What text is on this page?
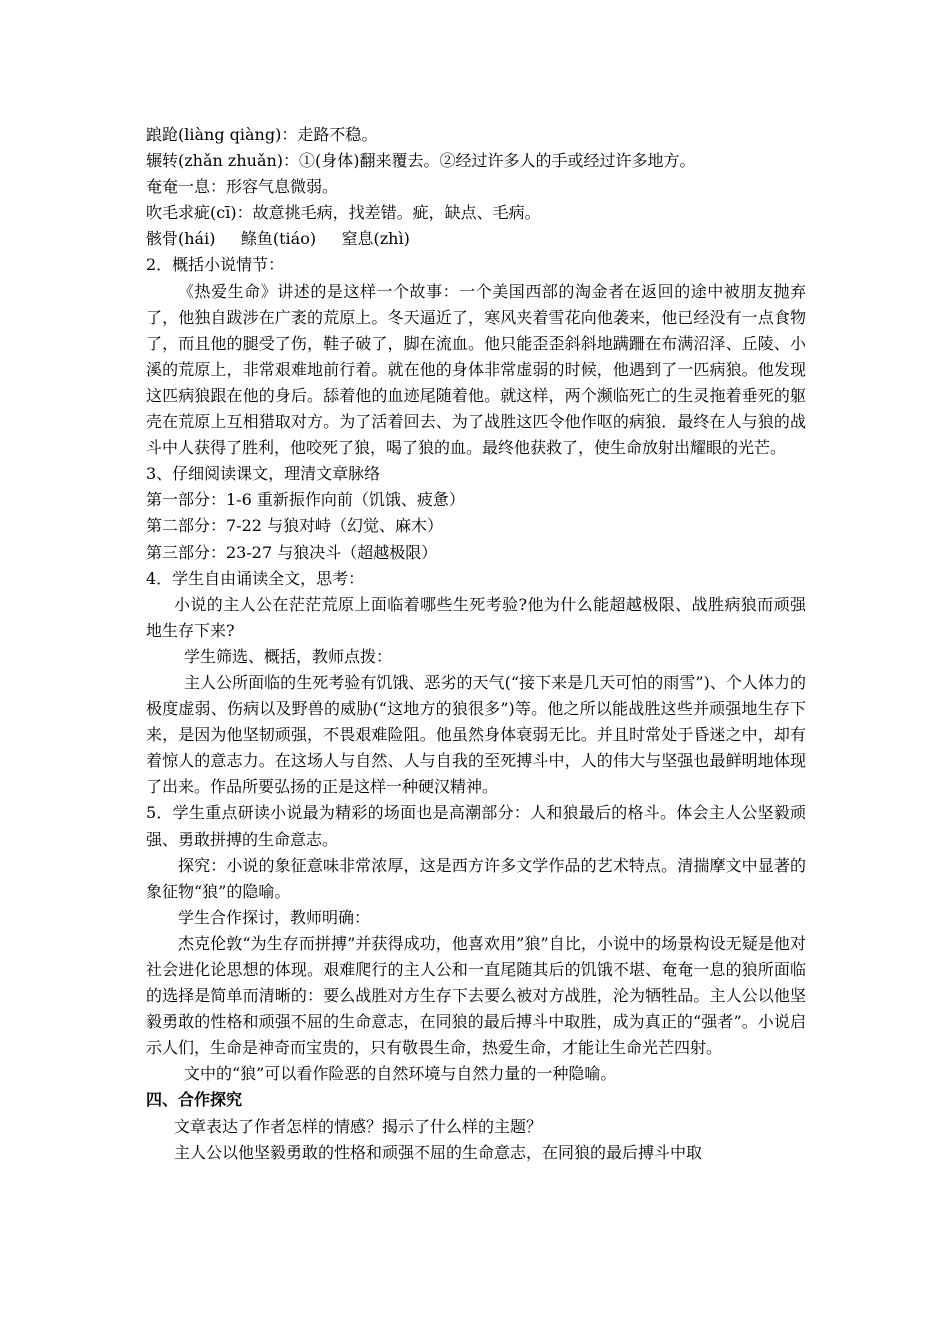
踉跄(liàng qiàng)：走路不稳。

辗转(zhǎn zhuǎn)：①(身体)翻来覆去。②经过许多人的手或经过许多地方。

奄奄一息：形容气息微弱。

吹毛求疵(cī)：故意挑毛病，找差错。疵，缺点、毛病。

骸骨(hái)     鲦鱼(tiáo)     窒息(zhì)

2．概括小说情节：

《热爱生命》讲述的是这样一个故事：一个美国西部的淘金者在返回的途中被朋友抛弃了，他独自跋涉在广袤的荒原上。冬天逼近了，寒风夹着雪花向他袭来，他已经没有一点食物了，而且他的腿受了伤，鞋子破了，脚在流血。他只能歪歪斜斜地蹒跚在布满沼泽、丘陵、小溪的荒原上，非常艰难地前行着。就在他的身体非常虚弱的时候，他遇到了一匹病狼。他发现这匹病狼跟在他的身后。舔着他的血迹尾随着他。就这样，两个濒临死亡的生灵拖着垂死的躯壳在荒原上互相猎取对方。为了活着回去、为了战胜这匹令他作呕的病狼．最终在人与狼的战斗中人获得了胜利，他咬死了狼，喝了狼的血。最终他获救了，使生命放射出耀眼的光芒。

3、仔细阅读课文，理清文章脉络

第一部分：1-6 重新振作向前（饥饿、疲惫）

第二部分：7-22 与狼对峙（幻觉、麻木）

第三部分：23-27 与狼决斗（超越极限）

4．学生自由诵读全文，思考：

小说的主人公在茫茫荒原上面临着哪些生死考验?他为什么能超越极限、战胜病狼而顽强地生存下来?

学生筛选、概括，教师点拨：

主人公所面临的生死考验有饥饿、恶劣的天气(“接下来是几天可怕的雨雪”)、个人体力的极度虚弱、伤病以及野兽的威胁(“这地方的狼很多”)等。他之所以能战胜这些并顽强地生存下来，是因为他坚韧顽强，不畏艰难险阻。他虽然身体衰弱无比。并且时常处于昏迷之中，却有着惊人的意志力。在这场人与自然、人与自我的至死搏斗中，人的伟大与坚强也最鲜明地体现了出来。作品所要弘扬的正是这样一种硬汉精神。

5．学生重点研读小说最为精彩的场面也是高潮部分：人和狼最后的格斗。体会主人公坚毅顽强、勇敢拼搏的生命意志。

探究：小说的象征意味非常浓厚，这是西方许多文学作品的艺术特点。清揣摩文中显著的象征物“狼”的隐喻。

学生合作探讨，教师明确：

杰克伦敦“为生存而拼搏”并获得成功，他喜欢用”狼”自比，小说中的场景构设无疑是他对社会进化论思想的体现。艰难爬行的主人公和一直尾随其后的饥饿不堪、奄奄一息的狼所面临的选择是简单而清晰的：要么战胜对方生存下去要么被对方战胜，沦为牺牲品。主人公以他坚毅勇敢的性格和顽强不屈的生命意志，在同狼的最后搏斗中取胜，成为真正的“强者”。小说启示人们，生命是神奇而宝贵的，只有敬畏生命，热爱生命，才能让生命光芒四射。

文中的“狼”可以看作险恶的自然环境与自然力量的一种隐喻。

四、合作探究

文章表达了作者怎样的情感？揭示了什么样的主题？

主人公以他坚毅勇敢的性格和顽强不屈的生命意志，在同狼的最后搏斗中取
